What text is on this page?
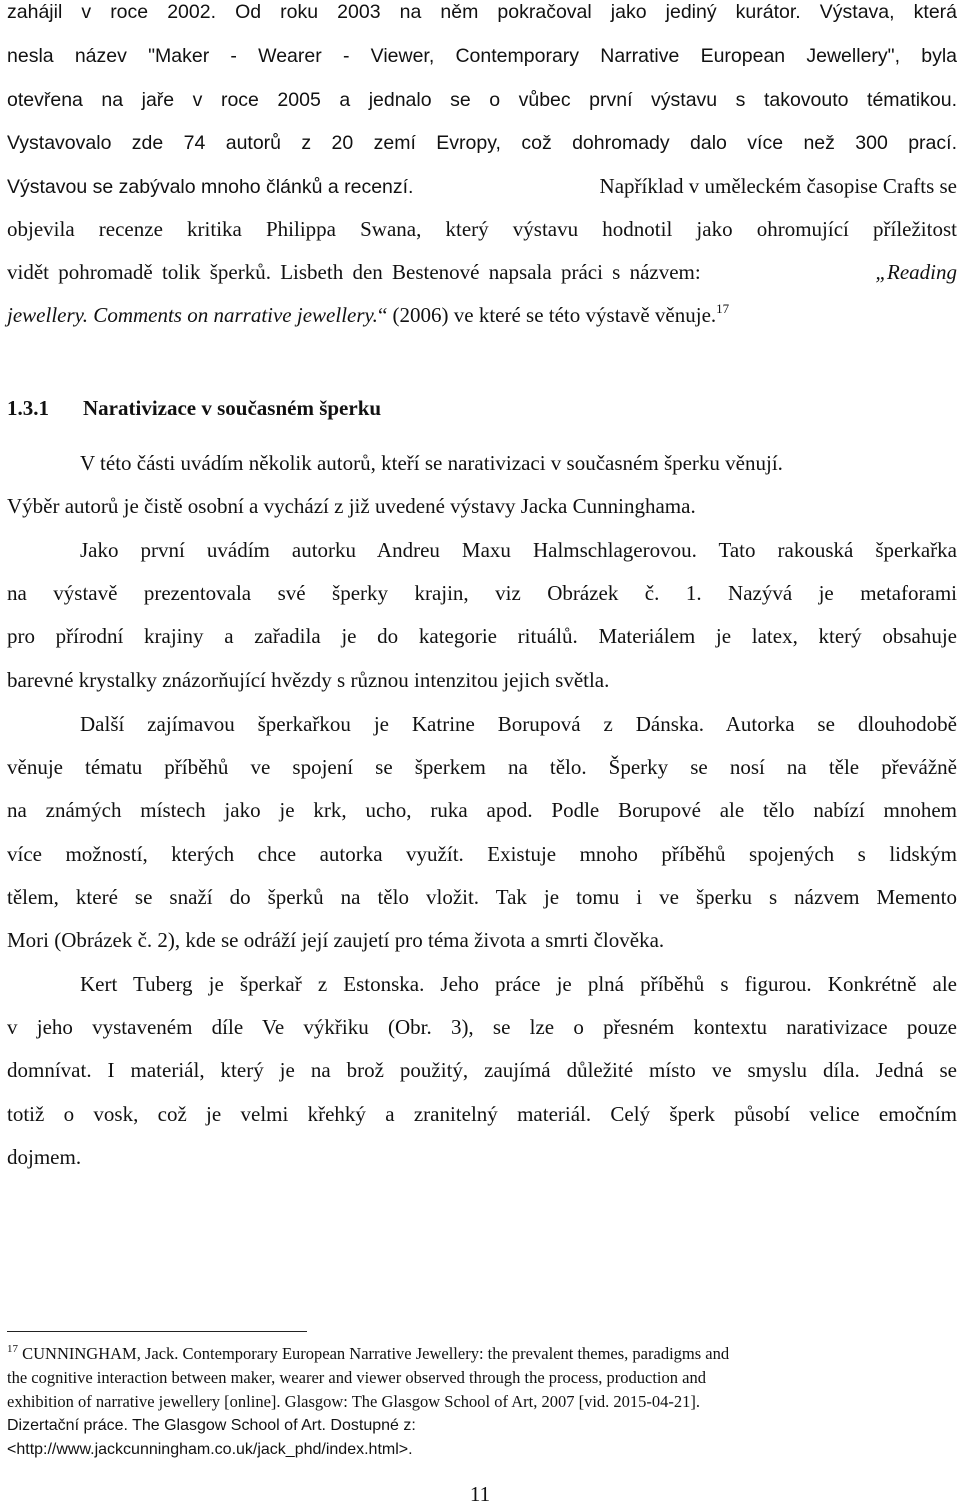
zahájil v roce 2002. Od roku 2003 na něm pokračoval jako jediný kurátor. Výstava, která
nesla název "Maker - Wearer - Viewer, Contemporary Narrative European Jewellery", byla
otevřena na jaře v roce 2005 a jednalo se o vůbec první výstavu s takovouto tématikou.
Vystavovalo zde 74 autorů z 20 zemí Evropy, což dohromady dalo více než 300 prací.
Výstavou se zabývalo mnoho článků a recenzí.	Například v uměleckém časopise Crafts se
objevila recenze kritika Philippa Swana, který výstavu hodnotil jako ohromující příležitost
vidět pohromadě tolik šperků. Lisbeth den Bestenové napsala práci s názvem:	„Reading
jewellery. Comments on narrative jewellery.“ (2006) ve které se této výstavě věnuje.$^{17}$
1.3.1 Narativizace v současném šperku
V této části uvádím několik autorů, kteří se narativizaci v současném šperku věnují.
Výběr autorů je čistě osobní a vychází z již uvedené výstavy Jacka Cunninghama.
Jako první uvádím autorku Andreu Maxu Halmschlagerovou. Tato rakouská šperkařka
na výstavě prezentovala své šperky krajin, viz Obrázek č. 1. Nazývá je metaforami
pro přírodní krajiny a zařadila je do kategorie rituálů. Materiálem je latex, který obsahuje
barevné krystalky znázorňující hvězdy s různou intenzitou jejich světla.
Další zajímavou šperkařkou je Katrine Borupová z Dánska. Autorka se dlouhodobě
věnuje tématu příběhů ve spojení se šperkem na tělo. Šperky se nosí na těle převážně
na známých místech jako je krk, ucho, ruka apod. Podle Borupové ale tělo nabízí mnohem
více možností, kterých chce autorka využít. Existuje mnoho příběhů spojených s lidským
tělem, které se snaží do šperků na tělo vložit. Tak je tomu i ve šperku s názvem Memento
Mori (Obrázek č. 2), kde se odráží její zaujetí pro téma života a smrti člověka.
Kert Tuberg je šperkař z Estonska. Jeho práce je plná příběhů s figurou. Konkrétně ale
v jeho vystaveném díle Ve výkřiku (Obr. 3), se lze o přesném kontextu narativizace pouze
domnívat. I materiál, který je na brož použitý, zaujímá důležité místo ve smyslu díla. Jedná se
totiž o vosk, což je velmi křehký a zranitelný materiál. Celý šperk působí velice emočním
dojmem.
$^{17}$ CUNNINGHAM, Jack. Contemporary European Narrative Jewellery: the prevalent themes, paradigms and
the cognitive interaction between maker, wearer and viewer observed through the process, production and
exhibition of narrative jewellery [online]. Glasgow: The Glasgow School of Art, 2007 [vid. 2015-04-21].
Dizertační práce. The Glasgow School of Art. Dostupné z:
<http://www.jackcunningham.co.uk/jack_phd/index.html>.
11
